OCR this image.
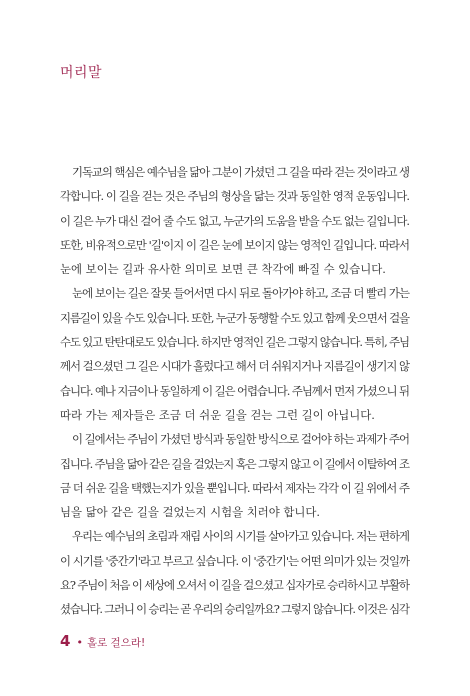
머리말
기독교의 핵심은 예수님을 닮아 그분이 가셨던 그 길을 따라 걷는 것이라고 생
각합니다. 이 길을 걷는 것은 주님의 형상을 닮는 것과 동일한 영적 운동입니다.
이 길은 누가 대신 걸어 줄 수도 없고, 누군가의 도움을 받을 수도 없는 길입니다.
또한, 비유적으로만 '길'이지 이 길은 눈에 보이지 않는 영적인 길입니다. 따라서
눈에 보이는 길과 유사한 의미로 보면 큰 착각에 빠질 수 있습니다.
눈에 보이는 길은 잘못 들어서면 다시 뒤로 돌아가야 하고, 조금 더 빨리 가는
지름길이 있을 수도 있습니다. 또한, 누군가 동행할 수도 있고 함께 웃으면서 걸을
수도 있고 탄탄대로도 있습니다. 하지만 영적인 길은 그렇지 않습니다. 특히, 주님
께서 걸으셨던 그 길은 시대가 흘렀다고 해서 더 쉬워지거나 지름길이 생기지 않
습니다. 예나 지금이나 동일하게 이 길은 어렵습니다. 주님께서 먼저 가셨으니 뒤
따라 가는 제자들은 조금 더 쉬운 길을 걷는 그런 길이 아닙니다.
이 길에서는 주님이 가셨던 방식과 동일한 방식으로 걸어야 하는 과제가 주어
집니다. 주님을 닮아 같은 길을 걸었는지 혹은 그렇지 않고 이 길에서 이탈하여 조
금 더 쉬운 길을 택했는지가 있을 뿐입니다. 따라서 제자는 각각 이 길 위에서 주
님을 닮아 같은 길을 걸었는지 시험을 치러야 합니다.
우리는 예수님의 초림과 재림 사이의 시기를 살아가고 있습니다. 저는 편하게
이 시기를 '중간기'라고 부르고 싶습니다. 이 '중간기'는 어떤 의미가 있는 것일까
요? 주님이 처음 이 세상에 오셔서 이 길을 걸으셨고 십자가로 승리하시고 부활하
셨습니다. 그러니 이 승리는 곧 우리의 승리일까요? 그렇지 않습니다. 이것은 심각
4 • 홀로 걸으라!
